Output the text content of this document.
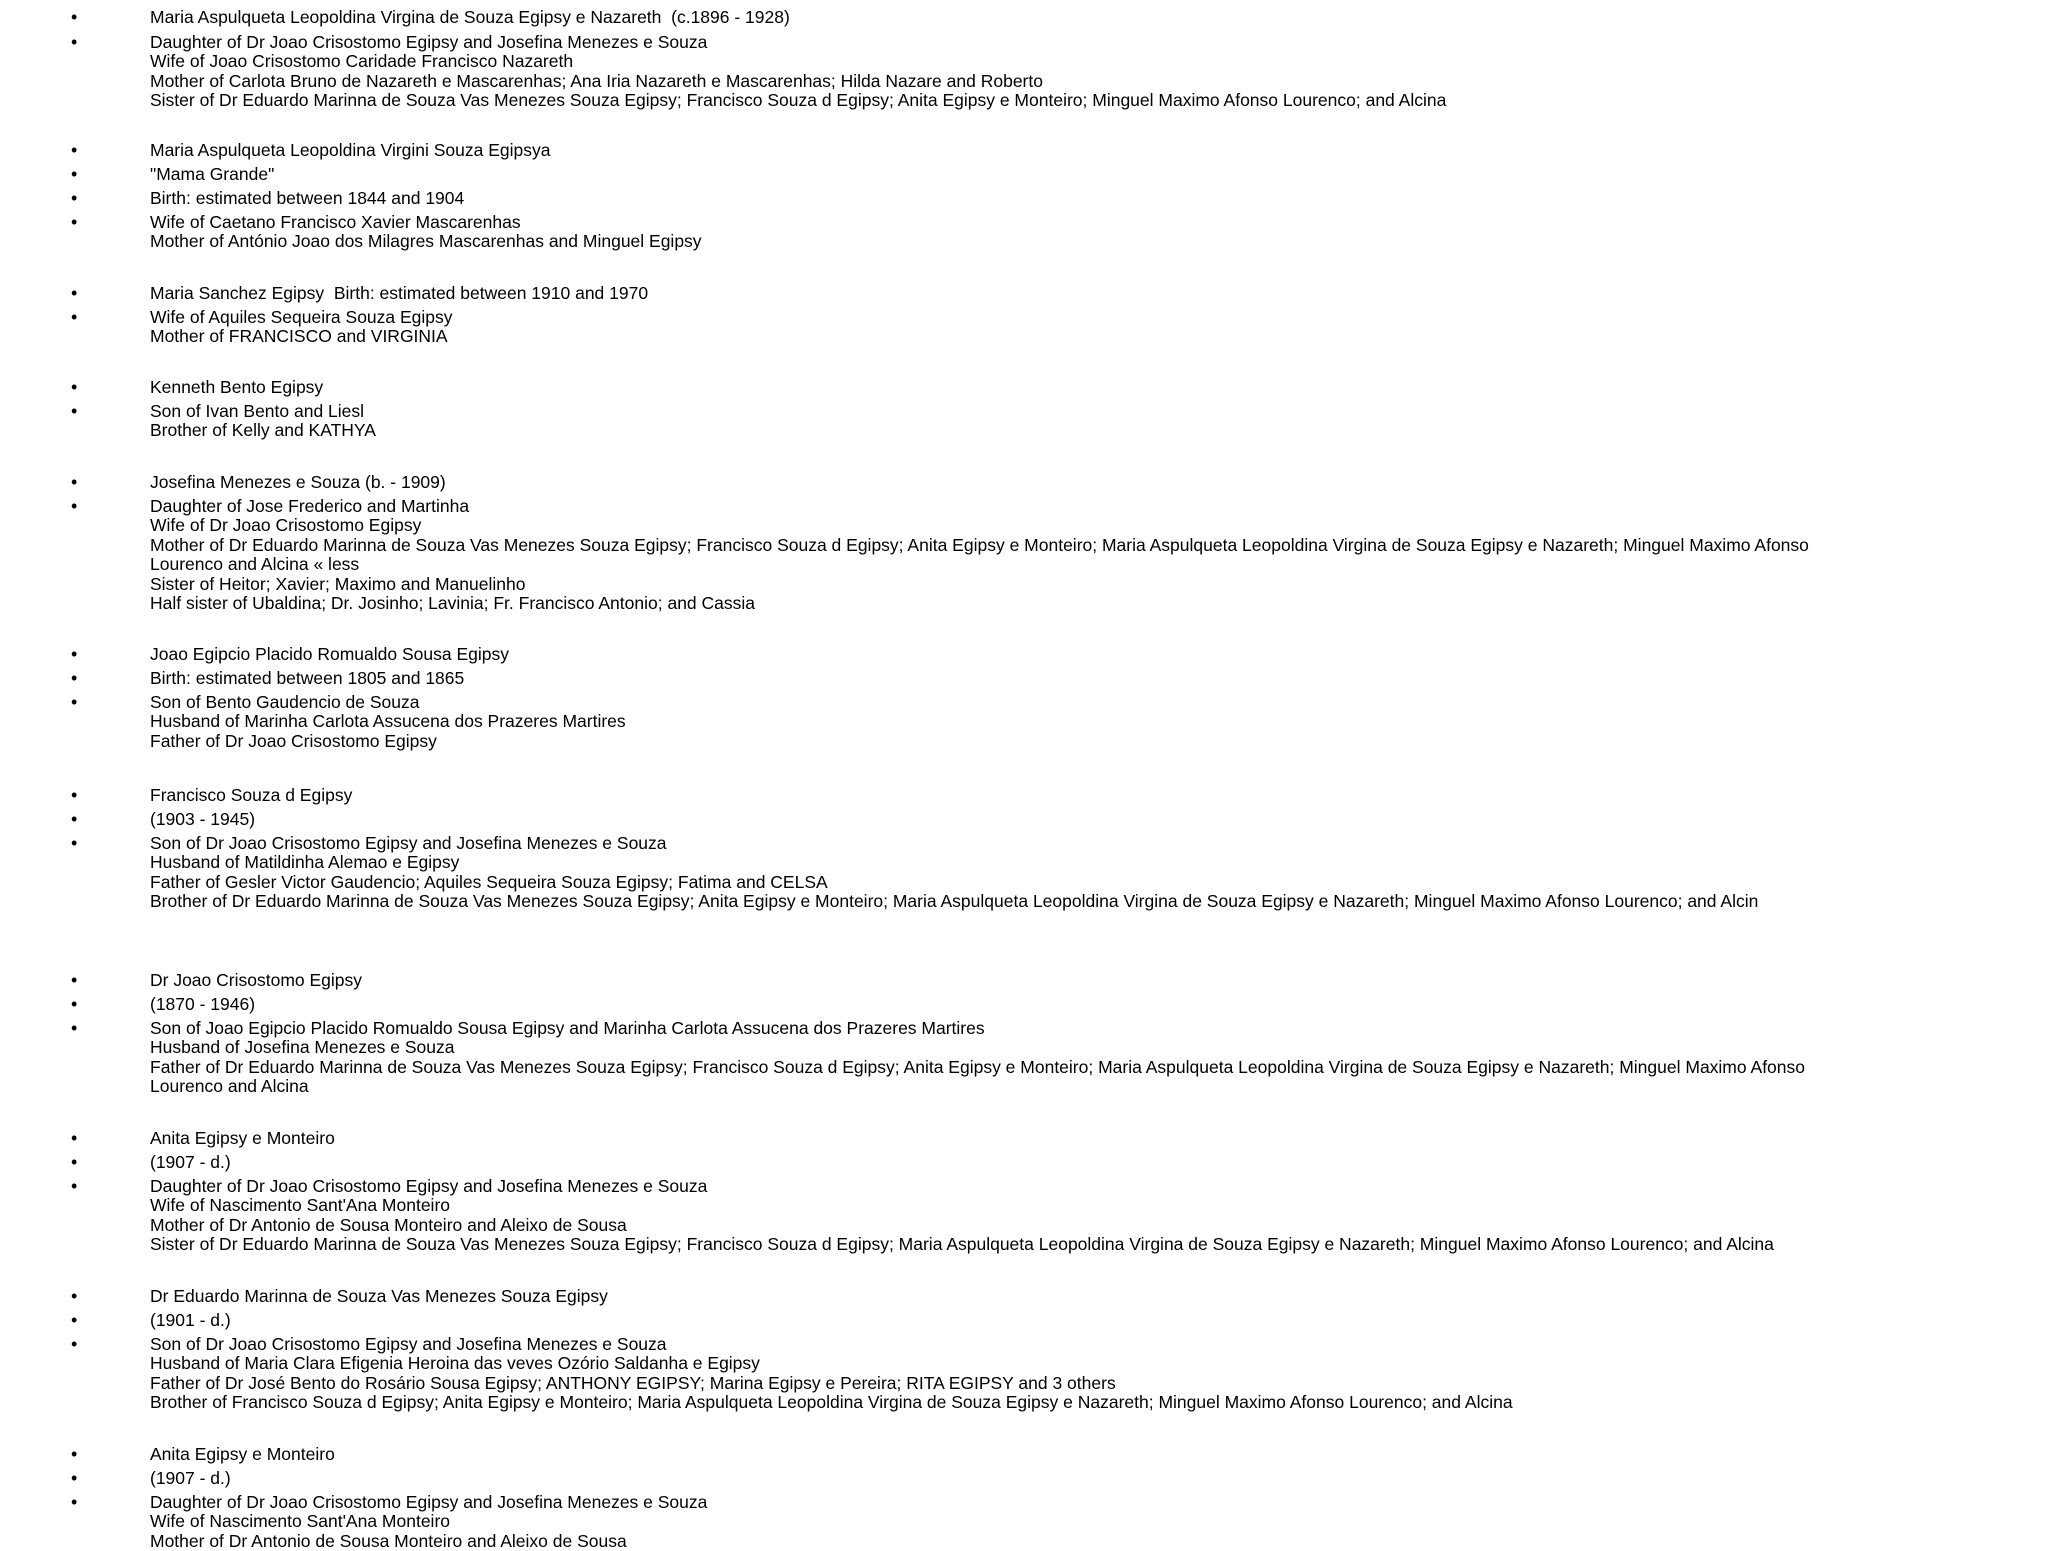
•	Maria Aspulqueta Leopoldina Virgina de Souza Egipsy e Nazareth  (c.1896 - 1928)
•	Daughter of Dr Joao Crisostomo Egipsy and Josefina Menezes e Souza
Wife of Joao Crisostomo Caridade Francisco Nazareth
Mother of Carlota Bruno de Nazareth e Mascarenhas; Ana Iria Nazareth e Mascarenhas; Hilda Nazare and Roberto
Sister of Dr Eduardo Marinna de Souza Vas Menezes Souza Egipsy; Francisco Souza d Egipsy; Anita Egipsy e Monteiro; Minguel Maximo Afonso Lourenco; and Alcina
•	Maria Aspulqueta Leopoldina Virgini Souza Egipsya
•	"Mama Grande"
•	Birth: estimated between 1844 and 1904
•	Wife of Caetano Francisco Xavier Mascarenhas
Mother of António Joao dos Milagres Mascarenhas and Minguel Egipsy
•	Maria Sanchez Egipsy  Birth: estimated between 1910 and 1970
•	Wife of Aquiles Sequeira Souza Egipsy
Mother of FRANCISCO and VIRGINIA
•	Kenneth Bento Egipsy
•	Son of Ivan Bento and Liesl
Brother of Kelly and KATHYA
•	Josefina Menezes e Souza (b. - 1909)
•	Daughter of Jose Frederico and Martinha
Wife of Dr Joao Crisostomo Egipsy
Mother of Dr Eduardo Marinna de Souza Vas Menezes Souza Egipsy; Francisco Souza d Egipsy; Anita Egipsy e Monteiro; Maria Aspulqueta Leopoldina Virgina de Souza Egipsy e Nazareth; Minguel Maximo Afonso
Lourenco and Alcina « less
Sister of Heitor; Xavier; Maximo and Manuelinho
Half sister of Ubaldina; Dr. Josinho; Lavinia; Fr. Francisco Antonio; and Cassia
•	Joao Egipcio Placido Romualdo Sousa Egipsy
•	Birth: estimated between 1805 and 1865
•	Son of Bento Gaudencio de Souza
Husband of Marinha Carlota Assucena dos Prazeres Martires
Father of Dr Joao Crisostomo Egipsy
•	Francisco Souza d Egipsy
•	(1903 - 1945)
•	Son of Dr Joao Crisostomo Egipsy and Josefina Menezes e Souza
Husband of Matildinha Alemao e Egipsy
Father of Gesler Victor Gaudencio; Aquiles Sequeira Souza Egipsy; Fatima and CELSA
Brother of Dr Eduardo Marinna de Souza Vas Menezes Souza Egipsy; Anita Egipsy e Monteiro; Maria Aspulqueta Leopoldina Virgina de Souza Egipsy e Nazareth; Minguel Maximo Afonso Lourenco; and Alcin
•	Dr Joao Crisostomo Egipsy
•	(1870 - 1946)
•	Son of Joao Egipcio Placido Romualdo Sousa Egipsy and Marinha Carlota Assucena dos Prazeres Martires
Husband of Josefina Menezes e Souza
Father of Dr Eduardo Marinna de Souza Vas Menezes Souza Egipsy; Francisco Souza d Egipsy; Anita Egipsy e Monteiro; Maria Aspulqueta Leopoldina Virgina de Souza Egipsy e Nazareth; Minguel Maximo Afonso
Lourenco and Alcina
•	Anita Egipsy e Monteiro
•	(1907 - d.)
•	Daughter of Dr Joao Crisostomo Egipsy and Josefina Menezes e Souza
Wife of Nascimento Sant'Ana Monteiro
Mother of Dr Antonio de Sousa Monteiro and Aleixo de Sousa
Sister of Dr Eduardo Marinna de Souza Vas Menezes Souza Egipsy; Francisco Souza d Egipsy; Maria Aspulqueta Leopoldina Virgina de Souza Egipsy e Nazareth; Minguel Maximo Afonso Lourenco; and Alcina
•	Dr Eduardo Marinna de Souza Vas Menezes Souza Egipsy
•	(1901 - d.)
•	Son of Dr Joao Crisostomo Egipsy and Josefina Menezes e Souza
Husband of Maria Clara Efigenia Heroina das veves Ozório Saldanha e Egipsy
Father of Dr José Bento do Rosário Sousa Egipsy; ANTHONY EGIPSY; Marina Egipsy e Pereira; RITA EGIPSY and 3 others
Brother of Francisco Souza d Egipsy; Anita Egipsy e Monteiro; Maria Aspulqueta Leopoldina Virgina de Souza Egipsy e Nazareth; Minguel Maximo Afonso Lourenco; and Alcina
•	Anita Egipsy e Monteiro
•	(1907 - d.)
•	Daughter of Dr Joao Crisostomo Egipsy and Josefina Menezes e Souza
Wife of Nascimento Sant'Ana Monteiro
Mother of Dr Antonio de Sousa Monteiro and Aleixo de Sousa
